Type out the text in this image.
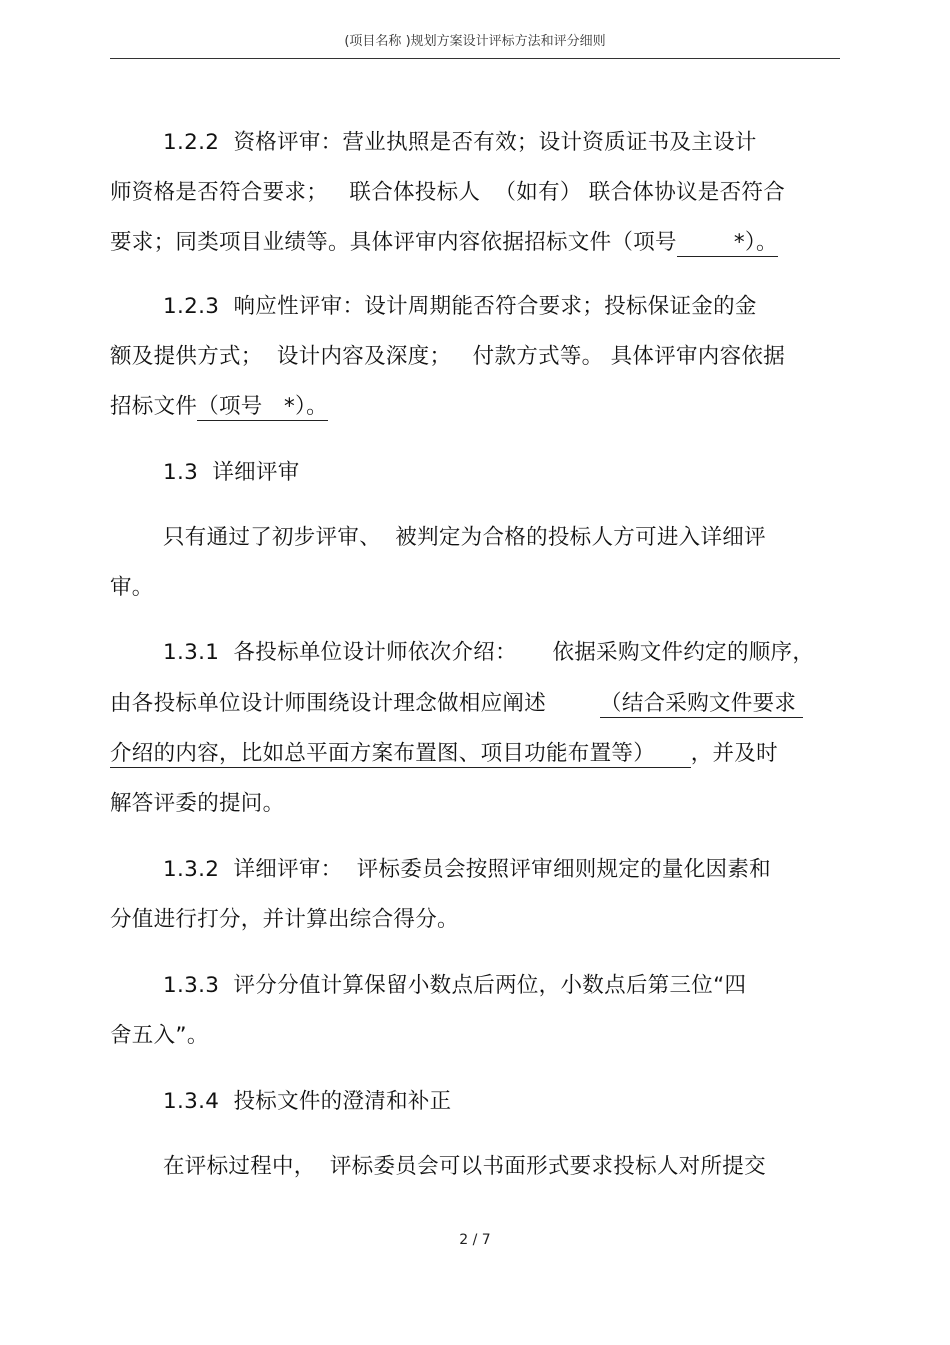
(项目名称 )规划方案设计评标方法和评分细则
1.2.2  资格评审：营业执照是否有效；设计资质证书及主设计
师资格是否符合要求；   联合体投标人  （如有） 联合体协议是否符合
要求；同类项目业绩等。具体评审内容依据招标文件（项号        *）。
1.2.3  响应性评审：设计周期能否符合要求；投标保证金的金
额及提供方式；  设计内容及深度；   付款方式等。 具体评审内容依据
招标文件（项号   *）。
1.3  详细评审
只有通过了初步评审、  被判定为合格的投标人方可进入详细评
审。
1.3.1  各投标单位设计师依次介绍：     依据采购文件约定的顺序，
由各投标单位设计师围绕设计理念做相应阐述	（结合采购文件要求
介绍的内容，比如总平面方案布置图、项目功能布置等）     ，并及时
解答评委的提问。
1.3.2  详细评审：  评标委员会按照评审细则规定的量化因素和
分值进行打分，并计算出综合得分。
1.3.3  评分分值计算保留小数点后两位，小数点后第三位“四
舍五入”。
1.3.4  投标文件的澄清和补正
在评标过程中，  评标委员会可以书面形式要求投标人对所提交
2 / 7
